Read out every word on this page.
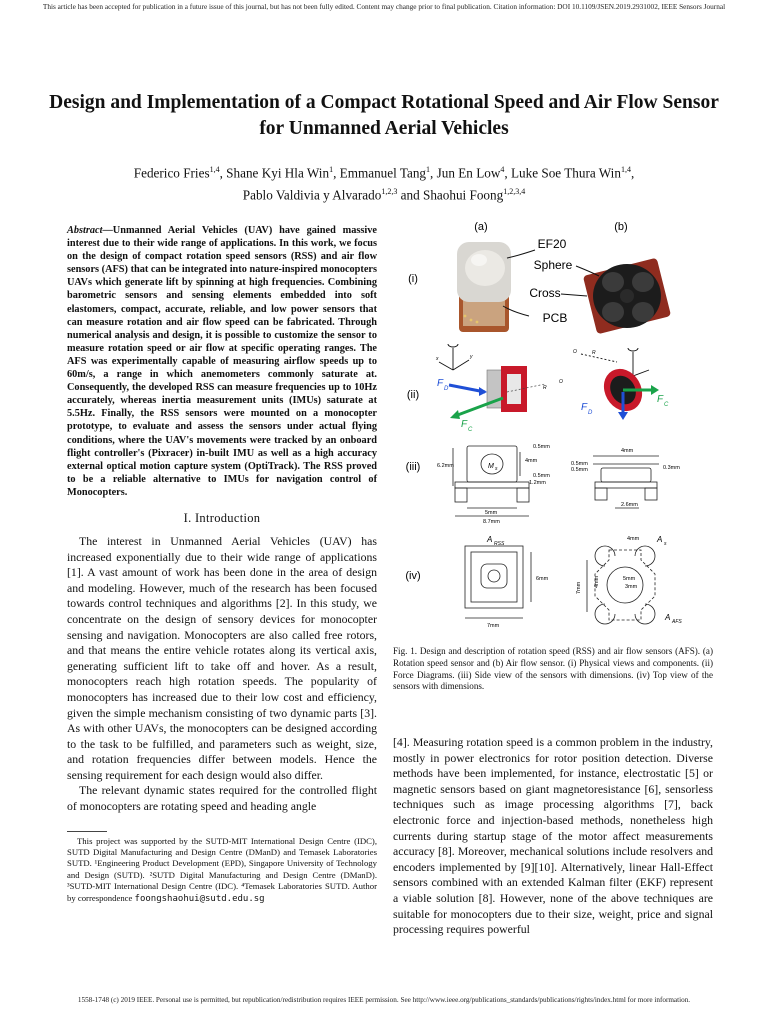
This article has been accepted for publication in a future issue of this journal, but has not been fully edited. Content may change prior to final publication. Citation information: DOI 10.1109/JSEN.2019.2931002, IEEE Sensors Journal
Design and Implementation of a Compact Rotational Speed and Air Flow Sensor for Unmanned Aerial Vehicles
Federico Fries$^{1,4}$, Shane Kyi Hla Win$^1$, Emmanuel Tang$^1$, Jun En Low$^4$, Luke Soe Thura Win$^{1,4}$,
Pablo Valdivia y Alvarado$^{1,2,3}$ and Shaohui Foong$^{1,2,3,4}$
Abstract—Unmanned Aerial Vehicles (UAV) have gained massive interest due to their wide range of applications. In this work, we focus on the design of compact rotation speed sensors (RSS) and air flow sensors (AFS) that can be integrated into nature-inspired monocopters UAVs which generate lift by spinning at high frequencies. Combining barometric sensors and sensing elements embedded into soft elastomers, compact, accurate, reliable, and low power sensors that can measure rotation and air flow speed can be fabricated. Through numerical analysis and design, it is possible to customize the sensor to measure rotation speed or air flow at specific operating ranges. The AFS was experimentally capable of measuring airflow speeds up to 60m/s, a range in which anemometers commonly saturate at. Consequently, the developed RSS can measure frequencies up to 10Hz accurately, whereas inertia measurement units (IMUs) saturate at 5.5Hz. Finally, the RSS sensors were mounted on a monocopter prototype, to evaluate and assess the sensors under actual flying conditions, where the UAV's movements were tracked by an onboard flight controller's (Pixracer) in-built IMU as well as a high accuracy external optical motion capture system (OptiTrack). The RSS proved to be a reliable alternative to IMUs for navigation control of Monocopters.
I. Introduction

The interest in Unmanned Aerial Vehicles (UAV) has increased exponentially due to their wide range of applications [1]. A vast amount of work has been done in the area of design and modeling. However, much of the research has been focused towards control techniques and algorithms [2]. In this study, we concentrate on the design of sensory devices for monocopter sensing and navigation. Monocopters are also called free rotors, and that means the entire vehicle rotates along its vertical axis, generating sufficient lift to take off and hover. As a result, monocopters reach high rotation speeds. The popularity of monocopters has increased due to their low cost and efficiency, given the simple mechanism consisting of two dynamic parts [3]. As with other UAVs, the monocopters can be designed according to the task to be fulfilled, and parameters such as weight, size, and rotation frequencies differ between models. Hence the sensing requirement for each design would also differ.

The relevant dynamic states required for the controlled flight of monocopters are rotating speed and heading angle

This project was supported by the SUTD-MIT International Design Centre (IDC), SUTD Digital Manufacturing and Design Centre (DManD) and Temasek Laboratories SUTD. ¹Engineering Product Development (EPD), Singapore University of Technology and Design (SUTD). ²SUTD Digital Manufacturing and Design Centre (DManD). ³SUTD-MIT International Design Centre (IDC). ⁴Temasek Laboratories SUTD. Author by correspondence foongshaohui@sutd.edu.sg

(a)	(b)
(i)
(ii)
(iii)
(iv)
EF20
Sphere
Cross
PCB
y
x
F D
F C
R
O
O	R
F D
F C
M s
0.5mm
4mm
0.5mm
1.2mm
6.2mm
5mm
8.7mm
4mm
0.5mm
0.5mm	0.3mm
2.6mm
A RSS
6mm
7mm
4mm
7mm 4mm	5mm
3mm
A s
A AFS
Fig. 1. Design and description of rotation speed (RSS) and air flow sensors (AFS). (a) Rotation speed sensor and (b) Air flow sensor. (i) Physical views and components. (ii) Force Diagrams. (iii) Side view of the sensors with dimensions. (iv) Top view of the sensors with dimensions.

[4]. Measuring rotation speed is a common problem in the industry, mostly in power electronics for rotor position detection. Diverse methods have been implemented, for instance, electrostatic [5] or magnetic sensors based on giant magnetoresistance [6], sensorless techniques such as image processing algorithms [7], back electronic force and injection-based methods, nonetheless high currents during startup stage of the motor affect measurements accuracy [8]. Moreover, mechanical solutions include resolvers and encoders implemented by [9][10]. Alternatively, linear Hall-Effect sensors combined with an extended Kalman filter (EKF) represent a viable solution [8]. However, none of the above techniques are suitable for monocopters due to their size, weight, price and signal processing requires powerful

1558-1748 (c) 2019 IEEE. Personal use is permitted, but republication/redistribution requires IEEE permission. See http://www.ieee.org/publications_standards/publications/rights/index.html for more information.
